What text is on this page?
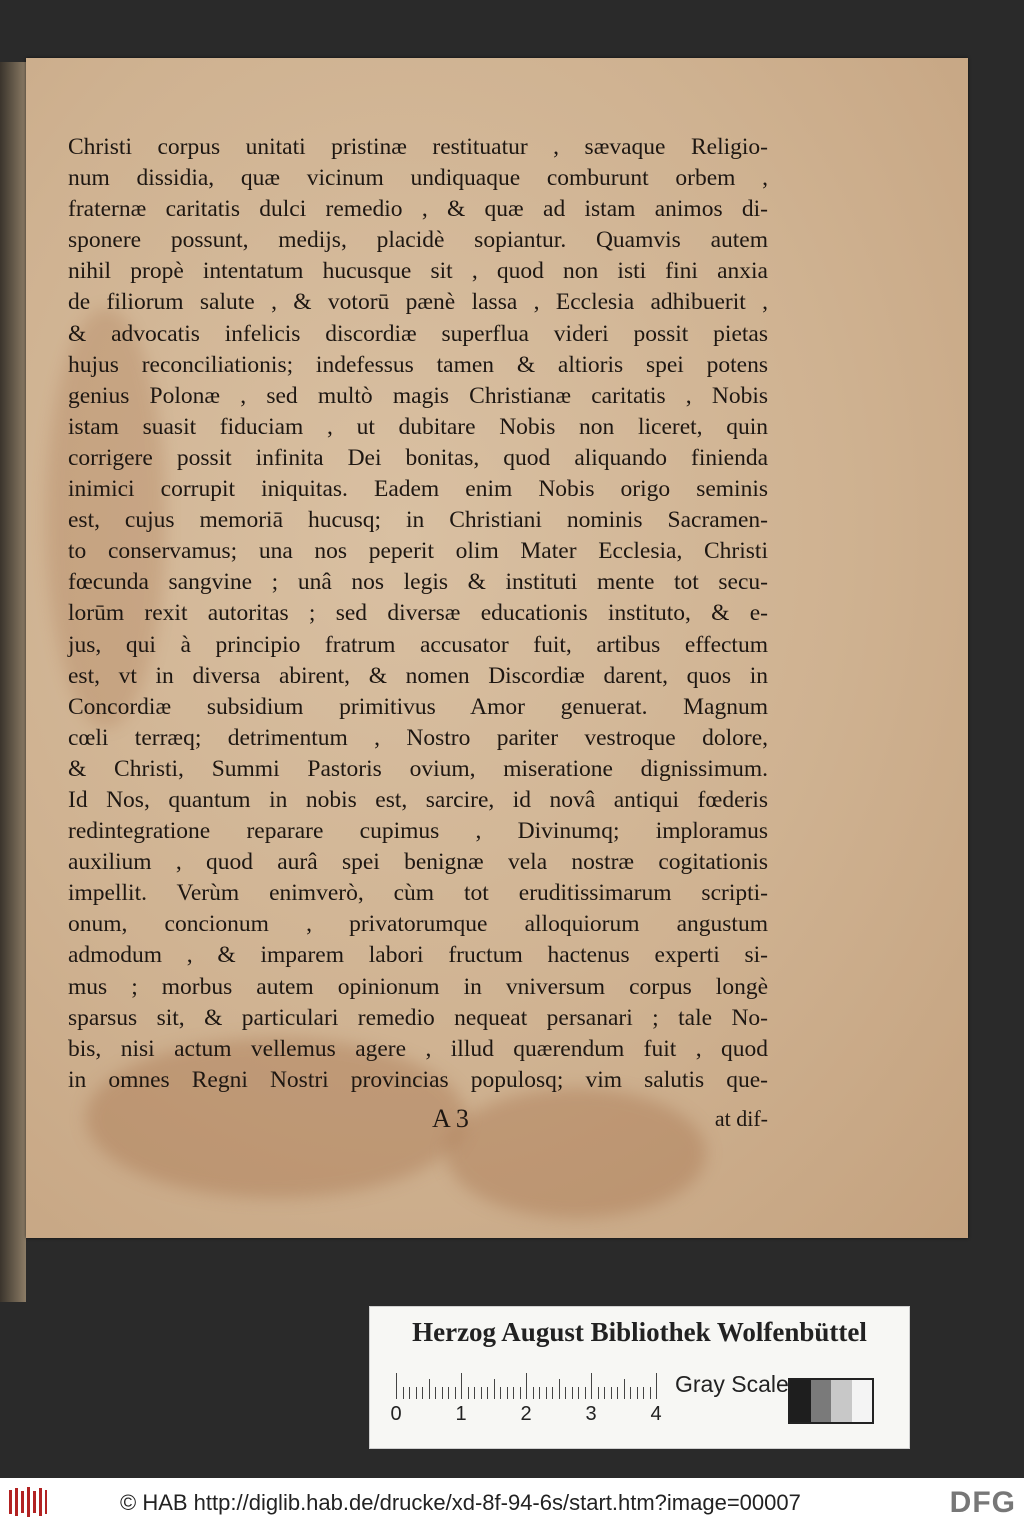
Christi corpus unitati pristinæ restituatur , sævaque Religio-
num dissidia, quæ vicinum undiquaque comburunt orbem ,
fraternæ caritatis dulci remedio , & quæ ad istam animos di-
sponere possunt, medijs, placidè sopiantur. Quamvis autem
nihil propè intentatum hucusque sit , quod non isti fini anxia
de filiorum salute , & votorū pænè lassa , Ecclesia adhibuerit ,
& advocatis infelicis discordiæ superflua videri possit pietas
hujus reconciliationis; indefessus tamen & altioris spei potens
genius Polonæ , sed multò magis Christianæ caritatis , Nobis
istam suasit fiduciam , ut dubitare Nobis non liceret, quin
corrigere possit infinita Dei bonitas, quod aliquando finienda
inimici corrupit iniquitas. Eadem enim Nobis origo seminis
est, cujus memoriā hucusq; in Christiani nominis Sacramen-
to conservamus; una nos peperit olim Mater Ecclesia, Christi
fœcunda sangvine ; unâ nos legis & instituti mente tot secu-
lorūm rexit autoritas ; sed diversæ educationis instituto, & e-
jus, qui à principio fratrum accusator fuit, artibus effectum
est, vt in diversa abirent, & nomen Discordiæ darent, quos in
Concordiæ subsidium primitivus Amor genuerat. Magnum
cœli terræq; detrimentum , Nostro pariter vestroque dolore,
& Christi, Summi Pastoris ovium, miseratione dignissimum.
Id Nos, quantum in nobis est, sarcire, id novâ antiqui fœderis
redintegratione reparare cupimus , Divinumq; imploramus
auxilium , quod aurâ spei benignæ vela nostræ cogitationis
impellit. Verùm enimverò, cùm tot eruditissimarum scripti-
onum, concionum , privatorumque alloquiorum angustum
admodum , & imparem labori fructum hactenus experti si-
mus ; morbus autem opinionum in vniversum corpus longè
sparsus sit, & particulari remedio nequeat persanari ; tale No-
bis, nisi actum vellemus agere , illud quærendum fuit , quod
in omnes Regni Nostri provincias populosq; vim salutis que-
A 3	at dif-
Herzog August Bibliothek Wolfenbüttel
0	1	2	3	4
Gray Scale
© HAB http://diglib.hab.de/drucke/xd-8f-94-6s/start.htm?image=00007	DFG
